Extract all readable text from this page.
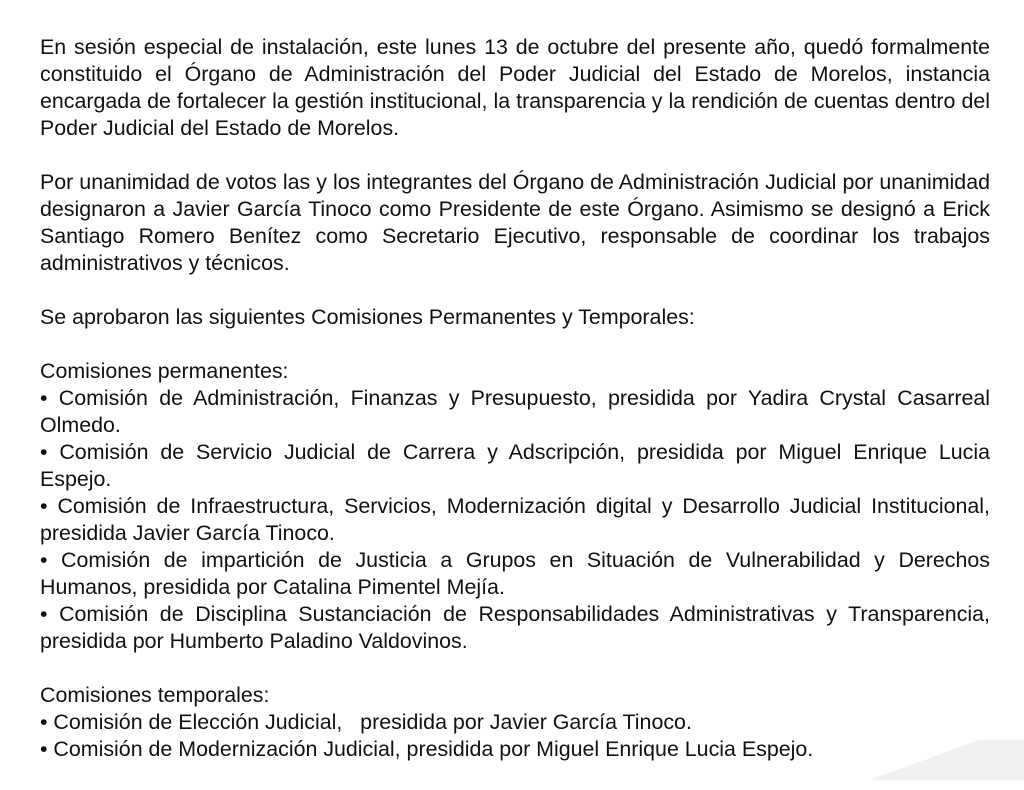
En sesión especial de instalación, este lunes 13 de octubre del presente año, quedó formalmente constituido el Órgano de Administración del Poder Judicial del Estado de Morelos, instancia encargada de fortalecer la gestión institucional, la transparencia y la rendición de cuentas dentro del Poder Judicial del Estado de Morelos.

Por unanimidad de votos las y los integrantes del Órgano de Administración Judicial por unanimidad designaron a Javier García Tinoco como Presidente de este Órgano. Asimismo se designó a Erick Santiago Romero Benítez como Secretario Ejecutivo, responsable de coordinar los trabajos administrativos y técnicos.

Se aprobaron las siguientes Comisiones Permanentes y Temporales:

Comisiones permanentes:

• Comisión de Administración, Finanzas y Presupuesto, presidida por Yadira Crystal Casarreal Olmedo.

• Comisión de Servicio Judicial de Carrera y Adscripción, presidida por Miguel Enrique Lucia Espejo.

• Comisión de Infraestructura, Servicios, Modernización digital y Desarrollo Judicial Institucional, presidida Javier García Tinoco.

• Comisión de impartición de Justicia a Grupos en Situación de Vulnerabilidad y Derechos Humanos, presidida por Catalina Pimentel Mejía.

• Comisión de Disciplina Sustanciación de Responsabilidades Administrativas y Transparencia, presidida por Humberto Paladino Valdovinos.

Comisiones temporales:

• Comisión de Elección Judicial,   presidida por Javier García Tinoco.

• Comisión de Modernización Judicial, presidida por Miguel Enrique Lucia Espejo.
